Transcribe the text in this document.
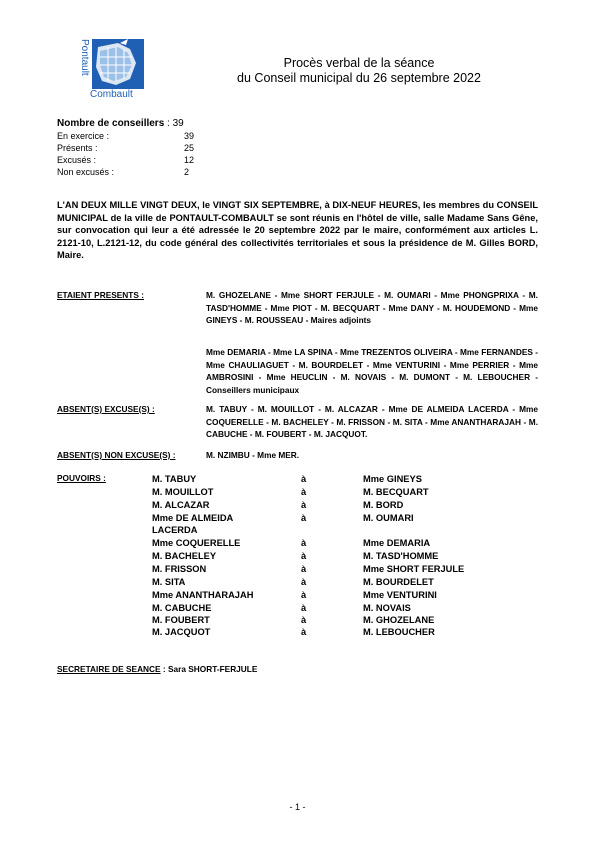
Pontault
Combault
Procès verbal de la séance
du Conseil municipal du 26 septembre 2022
Nombre de conseillers : 39
En exercice :	39
Présents :	25
Excusés :	12
Non excusés :	2
L'AN DEUX MILLE VINGT DEUX, le VINGT SIX SEPTEMBRE, à DIX-NEUF HEURES, les membres du CONSEIL MUNICIPAL de la ville de PONTAULT-COMBAULT se sont réunis en l'hôtel de ville, salle Madame Sans Gêne, sur convocation qui leur a été adressée le 20 septembre 2022 par le maire, conformément aux articles L. 2121-10, L.2121-12, du code général des collectivités territoriales et sous la présidence de M. Gilles BORD, Maire.
ETAIENT PRESENTS :	M. GHOZELANE - Mme SHORT FERJULE - M. OUMARI - Mme PHONGPRIXA - M. TASD'HOMME - Mme PIOT - M. BECQUART - Mme DANY - M. HOUDEMOND - Mme GINEYS - M. ROUSSEAU - Maires adjoints
Mme DEMARIA - Mme LA SPINA - Mme TREZENTOS OLIVEIRA - Mme FERNANDES - Mme CHAULIAGUET - M. BOURDELET - Mme VENTURINI - Mme PERRIER - Mme AMBROSINI - Mme HEUCLIN - M. NOVAIS - M. DUMONT - M. LEBOUCHER - Conseillers municipaux
ABSENT(S) EXCUSE(S) :	M. TABUY - M. MOUILLOT - M. ALCAZAR - Mme DE ALMEIDA LACERDA - Mme COQUERELLE - M. BACHELEY - M. FRISSON - M. SITA - Mme ANANTHARAJAH - M. CABUCHE - M. FOUBERT - M. JACQUOT.
ABSENT(S) NON EXCUSE(S) :	M. NZIMBU - Mme MER.
POUVOIRS :	M. TABUY	à	Mme GINEYS
M. MOUILLOT	à	M. BECQUART
M. ALCAZAR	à	M. BORD
Mme DE ALMEIDA	à	M. OUMARI
LACERDA
Mme COQUERELLE	à	Mme DEMARIA
M. BACHELEY	à	M. TASD'HOMME
M. FRISSON	à	Mme SHORT FERJULE
M. SITA	à	M. BOURDELET
Mme ANANTHARAJAH	à	Mme VENTURINI
M. CABUCHE	à	M. NOVAIS
M. FOUBERT	à	M. GHOZELANE
M. JACQUOT	à	M. LEBOUCHER
SECRETAIRE DE SEANCE : Sara SHORT-FERJULE
- 1 -
